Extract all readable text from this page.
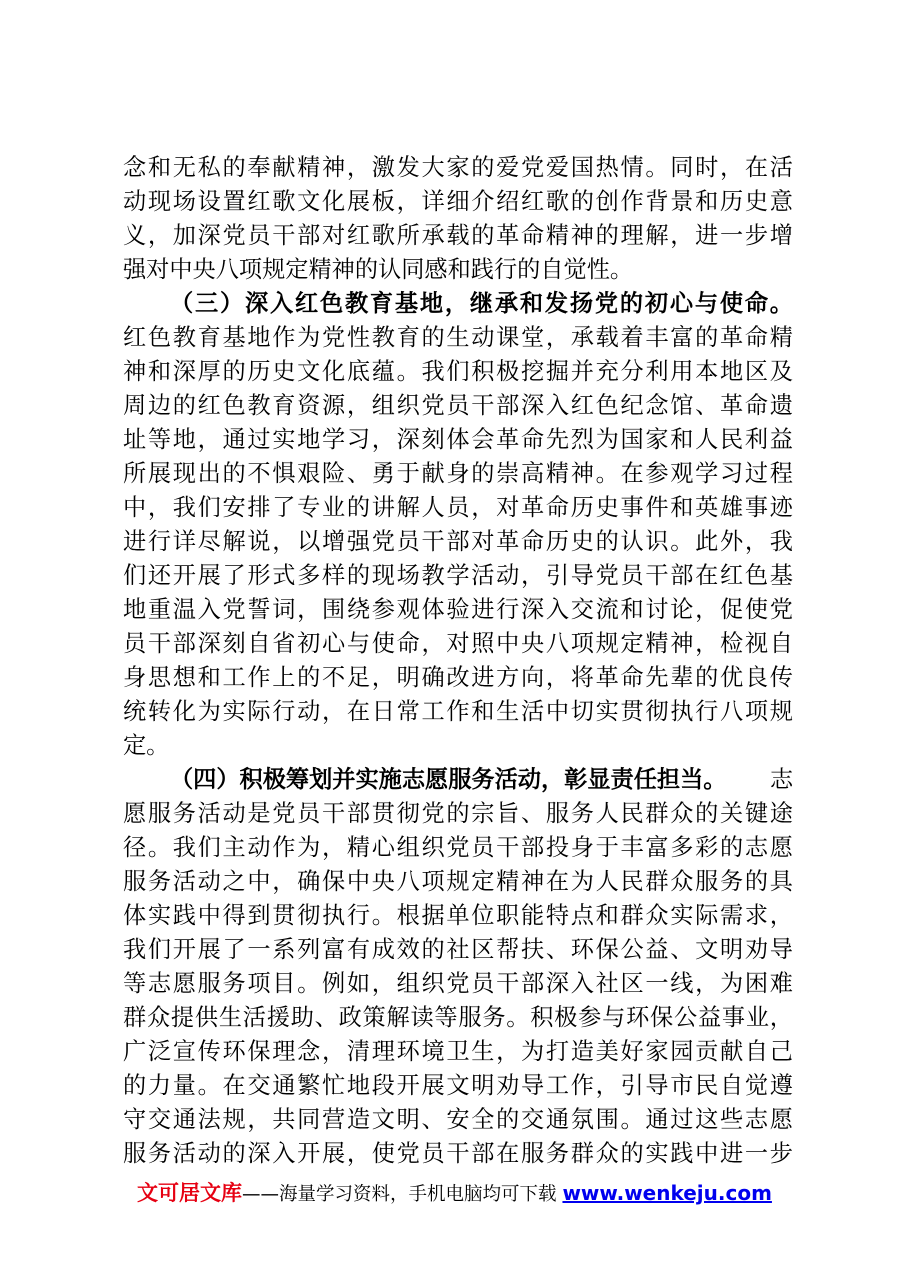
念和无私的奉献精神，激发大家的爱党爱国热情。同时，在活
动现场设置红歌文化展板，详细介绍红歌的创作背景和历史意
义，加深党员干部对红歌所承载的革命精神的理解，进一步增
强对中央八项规定精神的认同感和践行的自觉性。
（三）深入红色教育基地，继承和发扬党的初心与使命。
红色教育基地作为党性教育的生动课堂，承载着丰富的革命精
神和深厚的历史文化底蕴。我们积极挖掘并充分利用本地区及
周边的红色教育资源，组织党员干部深入红色纪念馆、革命遗
址等地，通过实地学习，深刻体会革命先烈为国家和人民利益
所展现出的不惧艰险、勇于献身的崇高精神。在参观学习过程
中，我们安排了专业的讲解人员，对革命历史事件和英雄事迹
进行详尽解说，以增强党员干部对革命历史的认识。此外，我
们还开展了形式多样的现场教学活动，引导党员干部在红色基
地重温入党誓词，围绕参观体验进行深入交流和讨论，促使党
员干部深刻自省初心与使命，对照中央八项规定精神，检视自
身思想和工作上的不足，明确改进方向，将革命先辈的优良传
统转化为实际行动，在日常工作和生活中切实贯彻执行八项规
定。
（四）积极筹划并实施志愿服务活动，彰显责任担当。	志
愿服务活动是党员干部贯彻党的宗旨、服务人民群众的关键途
径。我们主动作为，精心组织党员干部投身于丰富多彩的志愿
服务活动之中，确保中央八项规定精神在为人民群众服务的具
体实践中得到贯彻执行。根据单位职能特点和群众实际需求，
我们开展了一系列富有成效的社区帮扶、环保公益、文明劝导
等志愿服务项目。例如，组织党员干部深入社区一线，为困难
群众提供生活援助、政策解读等服务。积极参与环保公益事业，
广泛宣传环保理念，清理环境卫生，为打造美好家园贡献自己
的力量。在交通繁忙地段开展文明劝导工作，引导市民自觉遵
守交通法规，共同营造文明、安全的交通氛围。通过这些志愿
服务活动的深入开展，使党员干部在服务群众的实践中进一步
文可居文库——海量学习资料，手机电脑均可下载 www.wenkeju.com
